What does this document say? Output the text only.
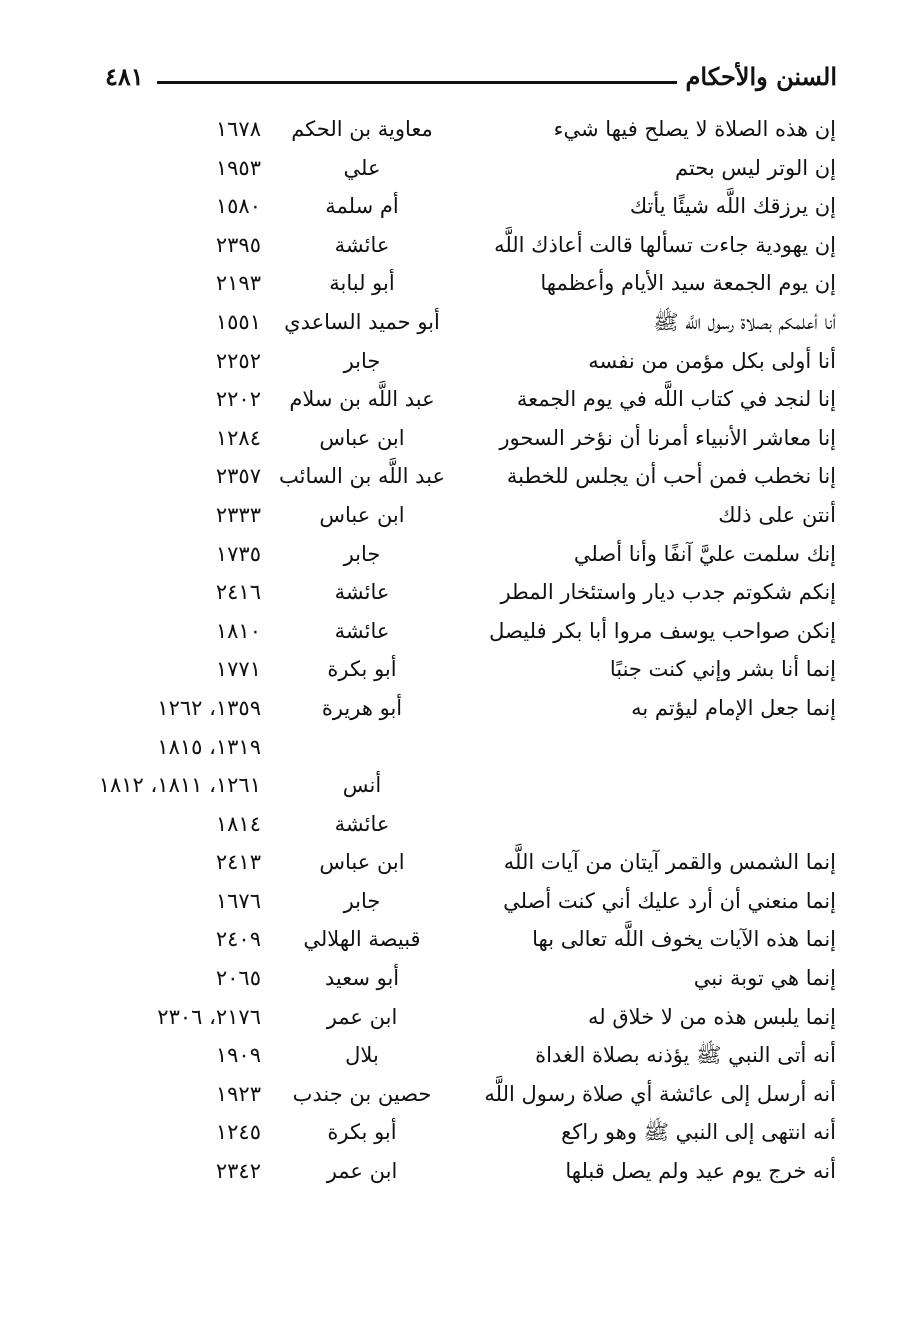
السنن والأحكام
٤٨١
إن هذه الصلاة لا يصلح فيها شيء
معاوية بن الحكم
١٦٧٨
إن الوتر ليس بحتم
علي
١٩٥٣
إن يرزقك اللَّه شيئًا يأتك
أم سلمة
١٥٨٠
إن يهودية جاءت تسألها قالت أعاذك اللَّه
عائشة
٢٣٩٥
إن يوم الجمعة سيد الأيام وأعظمها
أبو لبابة
٢١٩٣
أنا أعلمكم بصلاة رسول اللَّه ﷺ
أبو حميد الساعدي
١٥٥١
أنا أولى بكل مؤمن من نفسه
جابر
٢٢٥٢
إنا لنجد في كتاب اللَّه في يوم الجمعة
عبد اللَّه بن سلام
٢٢٠٢
إنا معاشر الأنبياء أمرنا أن نؤخر السحور
ابن عباس
١٢٨٤
إنا نخطب فمن أحب أن يجلس للخطبة
عبد اللَّه بن السائب
٢٣٥٧
أنتن على ذلك
ابن عباس
٢٣٣٣
إنك سلمت عليَّ آنفًا وأنا أصلي
جابر
١٧٣٥
إنكم شكوتم جدب ديار واستئخار المطر
عائشة
٢٤١٦
إنكن صواحب يوسف مروا أبا بكر فليصل
عائشة
١٨١٠
إنما أنا بشر وإني كنت جنبًا
أبو بكرة
١٧٧١
إنما جعل الإمام ليؤتم به
أبو هريرة
١٣٥٩، ١٢٦٢
١٣١٩، ١٨١٥
أنس
١٢٦١، ١٨١١، ١٨١٢
عائشة
١٨١٤
إنما الشمس والقمر آيتان من آيات اللَّه
ابن عباس
٢٤١٣
إنما منعني أن أرد عليك أني كنت أصلي
جابر
١٦٧٦
إنما هذه الآيات يخوف اللَّه تعالى بها
قبيصة الهلالي
٢٤٠٩
إنما هي توبة نبي
أبو سعيد
٢٠٦٥
إنما يلبس هذه من لا خلاق له
ابن عمر
٢١٧٦، ٢٣٠٦
أنه أتى النبي ﷺ يؤذنه بصلاة الغداة
بلال
١٩٠٩
أنه أرسل إلى عائشة أي صلاة رسول اللَّه
حصين بن جندب
١٩٢٣
أنه انتهى إلى النبي ﷺ وهو راكع
أبو بكرة
١٢٤٥
أنه خرج يوم عيد ولم يصل قبلها
ابن عمر
٢٣٤٢
